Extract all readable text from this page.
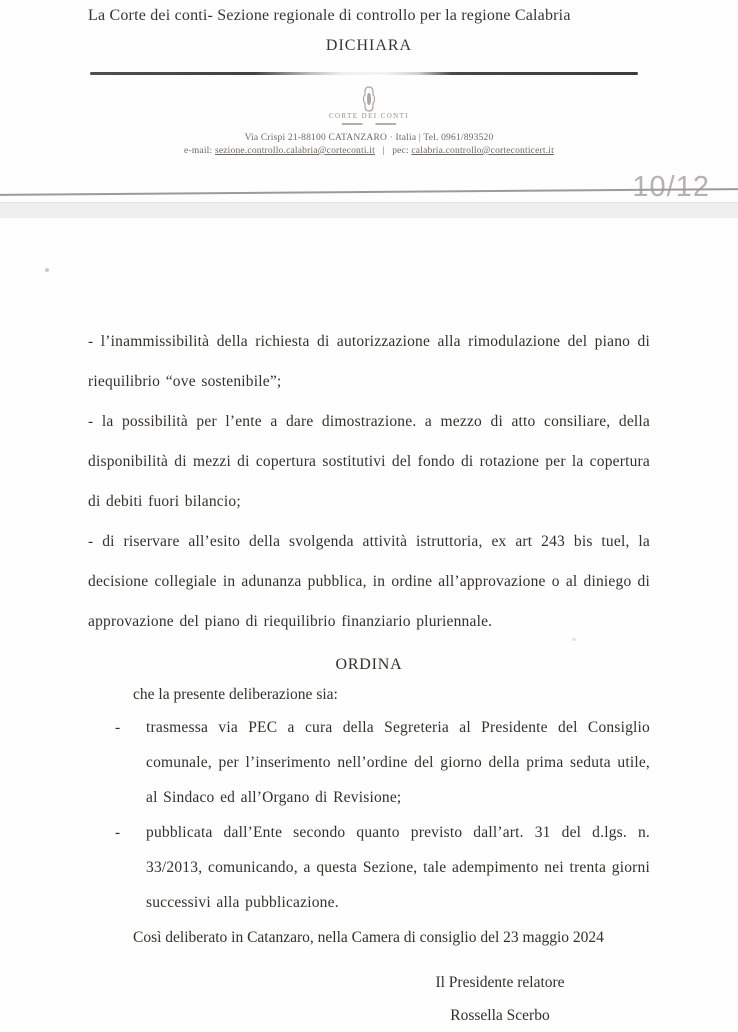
La Corte dei conti- Sezione regionale di controllo per la regione Calabria
DICHIARA
CORTE DEI CONTI
Via Crispi 21-88100 CATANZARO · Italia | Tel. 0961/893520
e-mail: sezione.controllo.calabria@corteconti.it | pec: calabria.controllo@corteconticert.it
10/12
- l’inammissibilità della richiesta di autorizzazione alla rimodulazione del piano di riequilibrio “ove sostenibile”;
- la possibilità per l’ente a dare dimostrazione. a mezzo di atto consiliare, della disponibilità di mezzi di copertura sostitutivi del fondo di rotazione per la copertura di debiti fuori bilancio;
- di riservare all’esito della svolgenda attività istruttoria, ex art 243 bis tuel, la decisione collegiale in adunanza pubblica, in ordine all’approvazione o al diniego di approvazione del piano di riequilibrio finanziario pluriennale.
ORDINA
che la presente deliberazione sia:
-	trasmessa via PEC a cura della Segreteria al Presidente del Consiglio comunale, per l’inserimento nell’ordine del giorno della prima seduta utile, al Sindaco ed all’Organo di Revisione;
-	pubblicata dall’Ente secondo quanto previsto dall’art. 31 del d.lgs. n. 33/2013, comunicando, a questa Sezione, tale adempimento nei trenta giorni successivi alla pubblicazione.
Così deliberato in Catanzaro, nella Camera di consiglio del 23 maggio 2024
Il Presidente relatore
Rossella Scerbo
